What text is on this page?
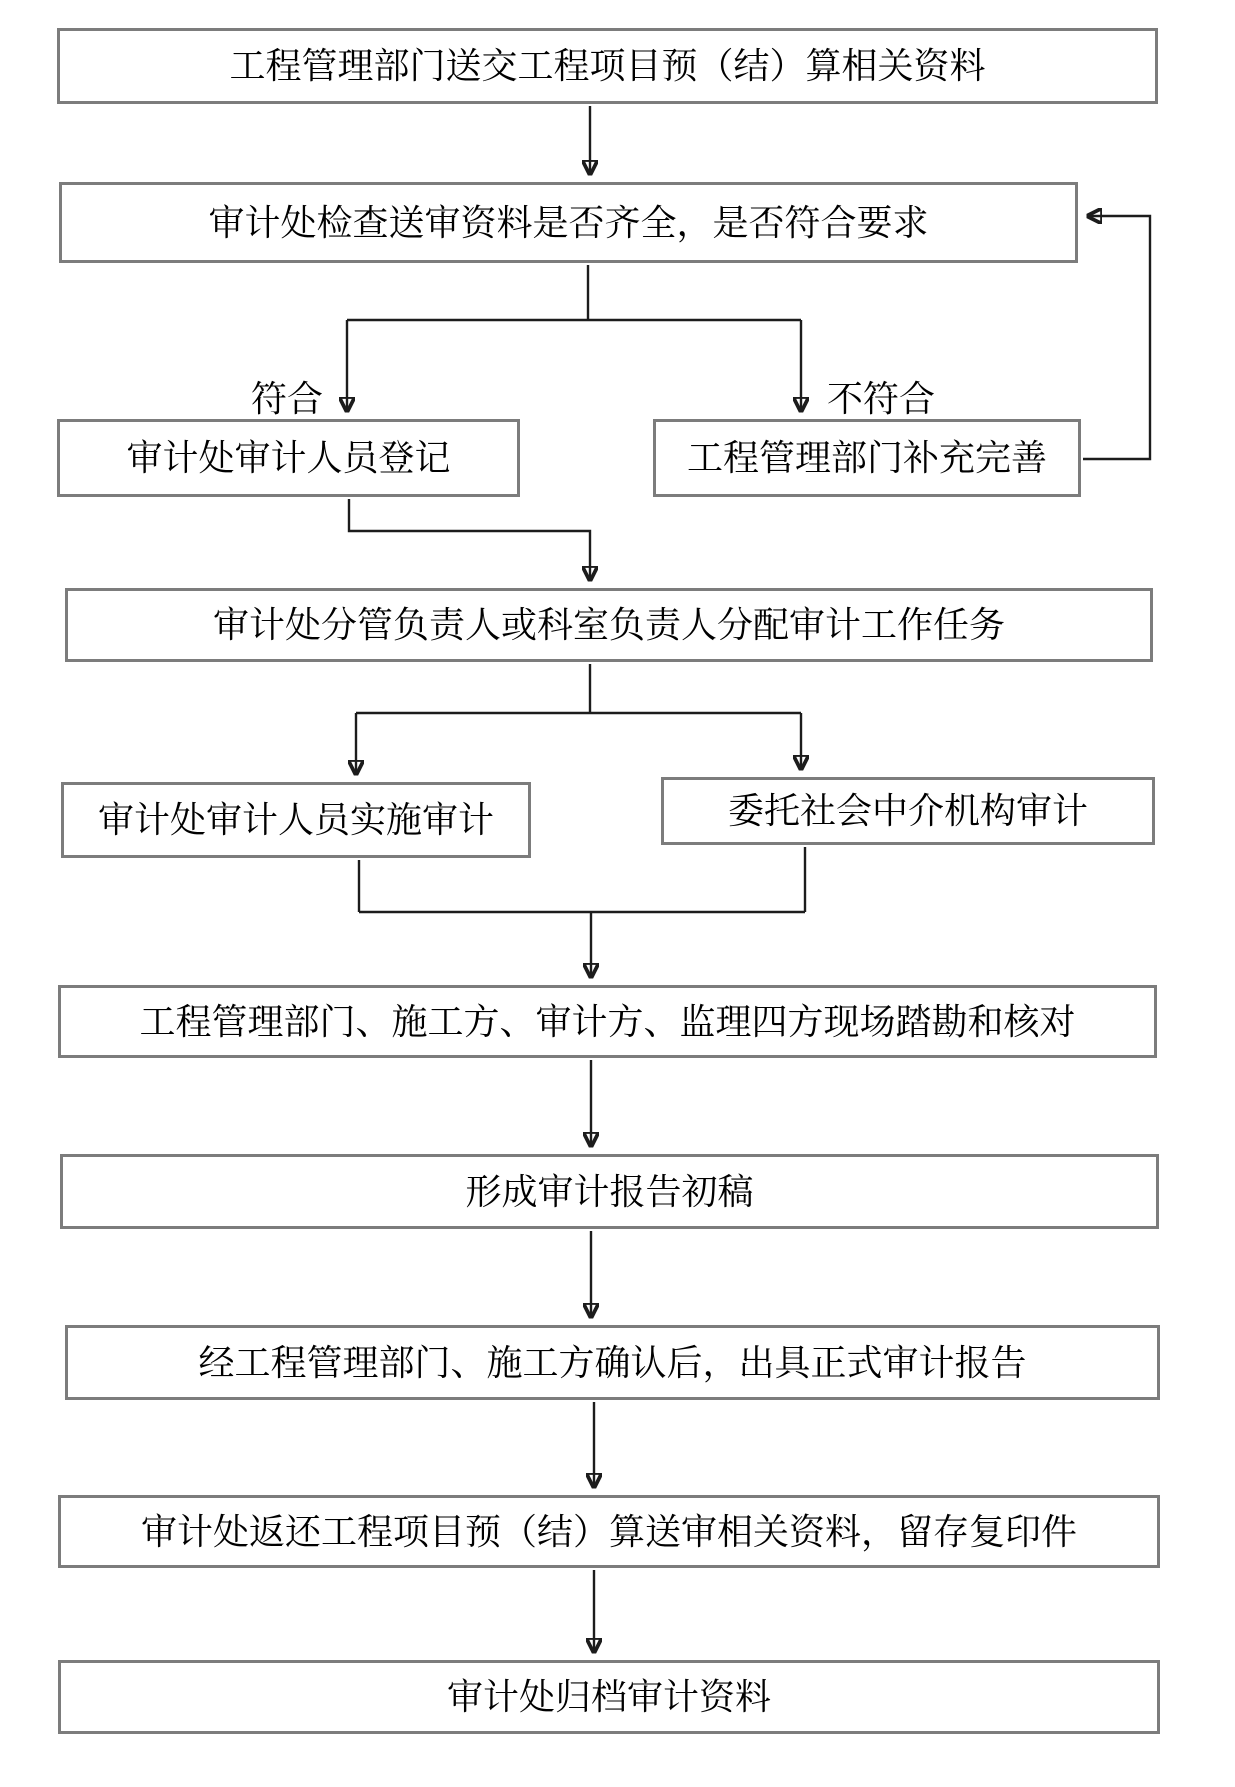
工程管理部门送交工程项目预（结）算相关资料
审计处检查送审资料是否齐全，是否符合要求
符合	不符合
审计处审计人员登记	工程管理部门补充完善
审计处分管负责人或科室负责人分配审计工作任务
审计处审计人员实施审计	委托社会中介机构审计
工程管理部门、施工方、审计方、监理四方现场踏勘和核对
形成审计报告初稿
经工程管理部门、施工方确认后，出具正式审计报告
审计处返还工程项目预（结）算送审相关资料，留存复印件
审计处归档审计资料
